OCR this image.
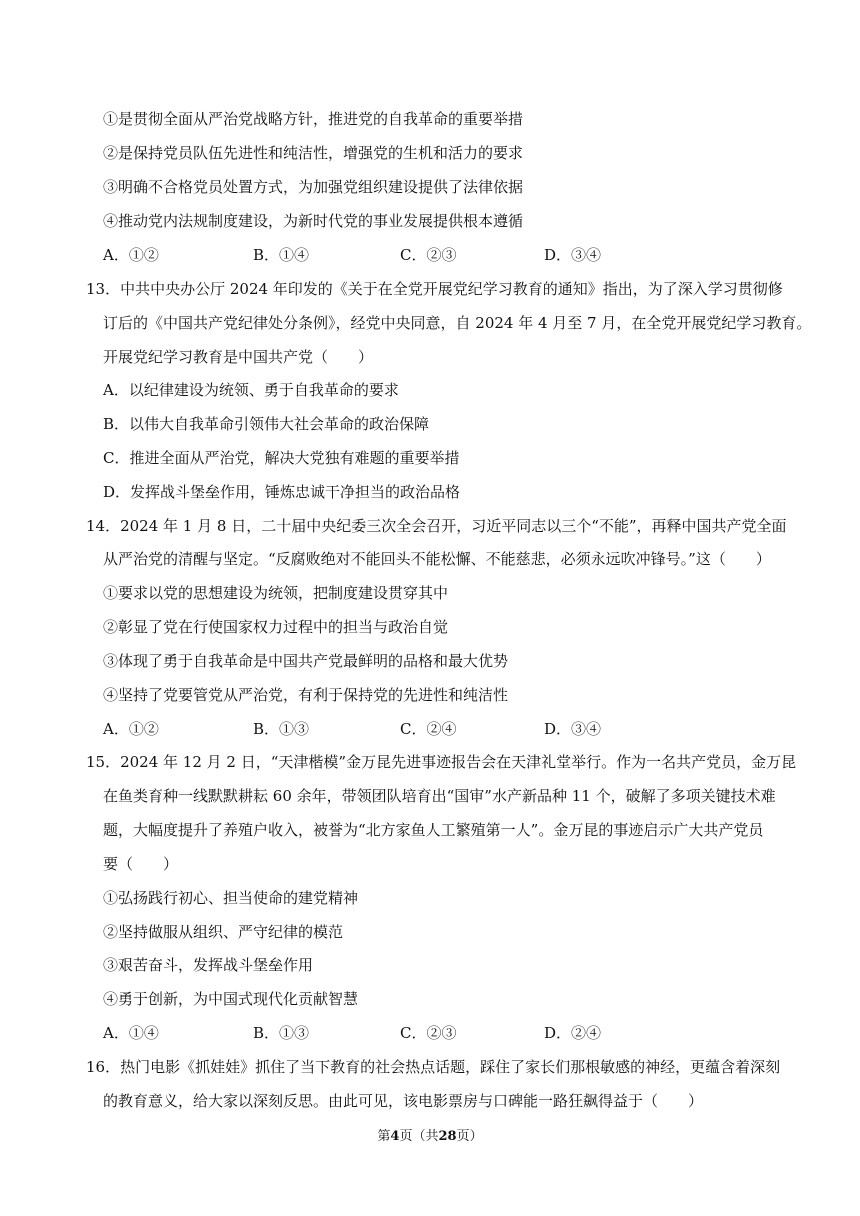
①是贯彻全面从严治党战略方针，推进党的自我革命的重要举措
②是保持党员队伍先进性和纯洁性，增强党的生机和活力的要求
③明确不合格党员处置方式，为加强党组织建设提供了法律依据
④推动党内法规制度建设，为新时代党的事业发展提供根本遵循
A．①②	B．①④	C．②③	D．③④
13．中共中央办公厅 2024 年印发的《关于在全党开展党纪学习教育的通知》指出，为了深入学习贯彻修
订后的《中国共产党纪律处分条例》，经党中央同意，自 2024 年 4 月至 7 月，在全党开展党纪学习教育。
开展党纪学习教育是中国共产党（　　）
A．以纪律建设为统领、勇于自我革命的要求
B．以伟大自我革命引领伟大社会革命的政治保障
C．推进全面从严治党，解决大党独有难题的重要举措
D．发挥战斗堡垒作用，锤炼忠诚干净担当的政治品格
14．2024 年 1 月 8 日，二十届中央纪委三次全会召开，习近平同志以三个“不能”，再释中国共产党全面
从严治党的清醒与坚定。“反腐败绝对不能回头不能松懈、不能慈悲，必须永远吹冲锋号。”这（　　）
①要求以党的思想建设为统领，把制度建设贯穿其中
②彰显了党在行使国家权力过程中的担当与政治自觉
③体现了勇于自我革命是中国共产党最鲜明的品格和最大优势
④坚持了党要管党从严治党，有利于保持党的先进性和纯洁性
A．①②	B．①③	C．②④	D．③④
15．2024 年 12 月 2 日，“天津楷模”金万昆先进事迹报告会在天津礼堂举行。作为一名共产党员，金万昆
在鱼类育种一线默默耕耘 60 余年，带领团队培育出“国审”水产新品种 11 个，破解了多项关键技术难
题，大幅度提升了养殖户收入，被誉为“北方家鱼人工繁殖第一人”。金万昆的事迹启示广大共产党员
要（　　）
①弘扬践行初心、担当使命的建党精神
②坚持做服从组织、严守纪律的模范
③艰苦奋斗，发挥战斗堡垒作用
④勇于创新，为中国式现代化贡献智慧
A．①④	B．①③	C．②③	D．②④
16．热门电影《抓娃娃》抓住了当下教育的社会热点话题，踩住了家长们那根敏感的神经，更蕴含着深刻
的教育意义，给大家以深刻反思。由此可见，该电影票房与口碑能一路狂飙得益于（　　）
第4页（共28页）
